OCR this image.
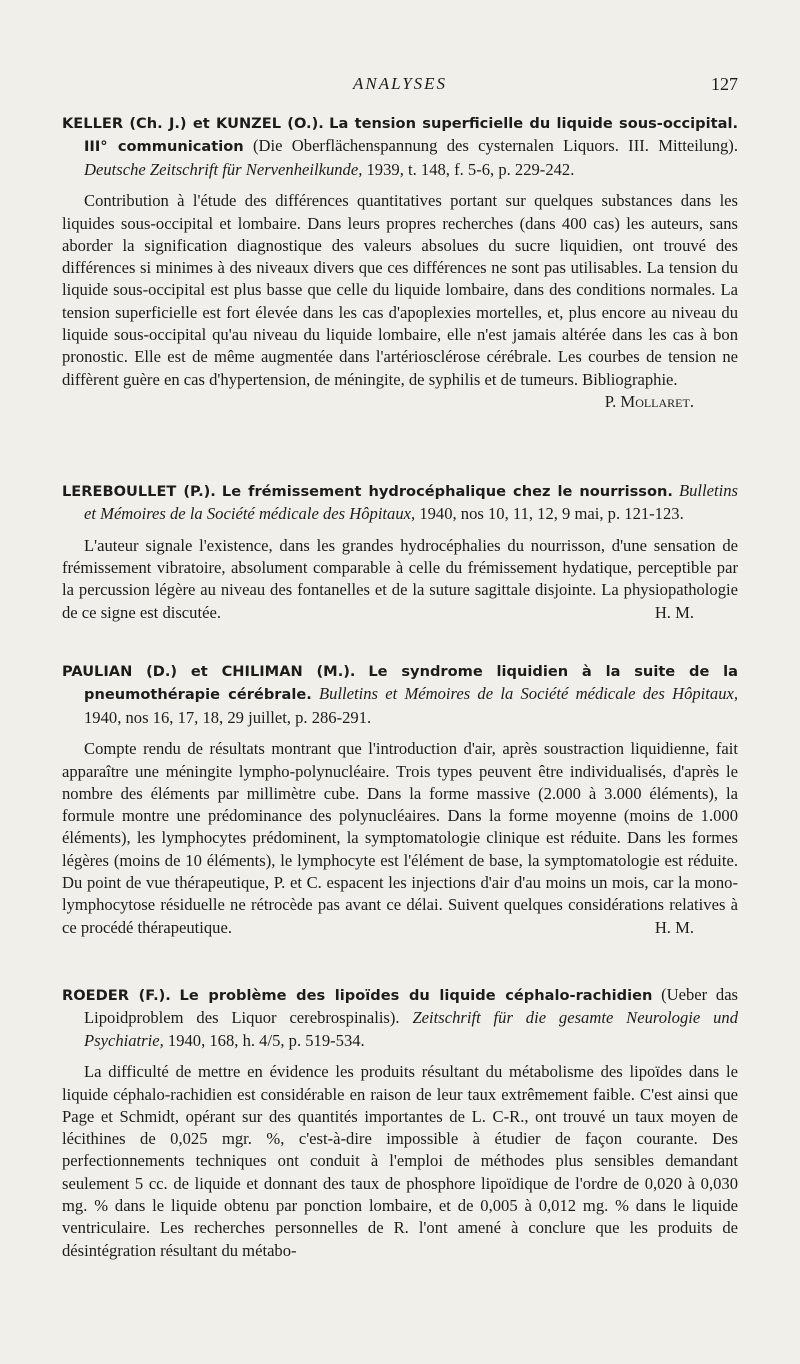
ANALYSES	127
KELLER (Ch. J.) et KUNZEL (O.). La tension superficielle du liquide sous-occipital. III° communication (Die Oberflächenspannung des cysternalen Liquors. III. Mitteilung). Deutsche Zeitschrift für Nervenheilkunde, 1939, t. 148, f. 5-6, p. 229-242.
Contribution à l'étude des différences quantitatives portant sur quelques substances dans les liquides sous-occipital et lombaire. Dans leurs propres recherches (dans 400 cas) les auteurs, sans aborder la signification diagnostique des valeurs absolues du sucre liquidien, ont trouvé des différences si minimes à des niveaux divers que ces différences ne sont pas utilisables. La tension du liquide sous-occipital est plus basse que celle du liquide lombaire, dans des conditions normales. La tension superficielle est fort élevée dans les cas d'apoplexies mortelles, et, plus encore au niveau du liquide sous-occipital qu'au niveau du liquide lombaire, elle n'est jamais altérée dans les cas à bon pronostic. Elle est de même augmentée dans l'artériosclérose cérébrale. Les courbes de tension ne diffèrent guère en cas d'hypertension, de méningite, de syphilis et de tumeurs. Bibliographie.
P. Mollaret.
LEREBOULLET (P.). Le frémissement hydrocéphalique chez le nourrisson. Bulletins et Mémoires de la Société médicale des Hôpitaux, 1940, nos 10, 11, 12, 9 mai, p. 121-123.
L'auteur signale l'existence, dans les grandes hydrocéphalies du nourrisson, d'une sensation de frémissement vibratoire, absolument comparable à celle du frémissement hydatique, perceptible par la percussion légère au niveau des fontanelles et de la suture sagittale disjointe. La physiopathologie de ce signe est discutée.	H. M.
PAULIAN (D.) et CHILIMAN (M.). Le syndrome liquidien à la suite de la pneumothérapie cérébrale. Bulletins et Mémoires de la Société médicale des Hôpitaux, 1940, nos 16, 17, 18, 29 juillet, p. 286-291.
Compte rendu de résultats montrant que l'introduction d'air, après soustraction liquidienne, fait apparaître une méningite lympho-polynucléaire. Trois types peuvent être individualisés, d'après le nombre des éléments par millimètre cube. Dans la forme massive (2.000 à 3.000 éléments), la formule montre une prédominance des polynucléaires. Dans la forme moyenne (moins de 1.000 éléments), les lymphocytes prédominent, la symptomatologie clinique est réduite. Dans les formes légères (moins de 10 éléments), le lymphocyte est l'élément de base, la symptomatologie est réduite. Du point de vue thérapeutique, P. et C. espacent les injections d'air d'au moins un mois, car la mono-lymphocytose résiduelle ne rétrocède pas avant ce délai. Suivent quelques considérations relatives à ce procédé thérapeutique.	H. M.
ROEDER (F.). Le problème des lipoïdes du liquide céphalo-rachidien (Ueber das Lipoidproblem des Liquor cerebrospinalis). Zeitschrift für die gesamte Neurologie und Psychiatrie, 1940, 168, h. 4/5, p. 519-534.
La difficulté de mettre en évidence les produits résultant du métabolisme des lipoïdes dans le liquide céphalo-rachidien est considérable en raison de leur taux extrêmement faible. C'est ainsi que Page et Schmidt, opérant sur des quantités importantes de L. C-R., ont trouvé un taux moyen de lécithines de 0,025 mgr. %, c'est-à-dire impossible à étudier de façon courante. Des perfectionnements techniques ont conduit à l'emploi de méthodes plus sensibles demandant seulement 5 cc. de liquide et donnant des taux de phosphore lipoïdique de l'ordre de 0,020 à 0,030 mg. % dans le liquide obtenu par ponction lombaire, et de 0,005 à 0,012 mg. % dans le liquide ventriculaire. Les recherches personnelles de R. l'ont amené à conclure que les produits de désintégration résultant du métabo-
